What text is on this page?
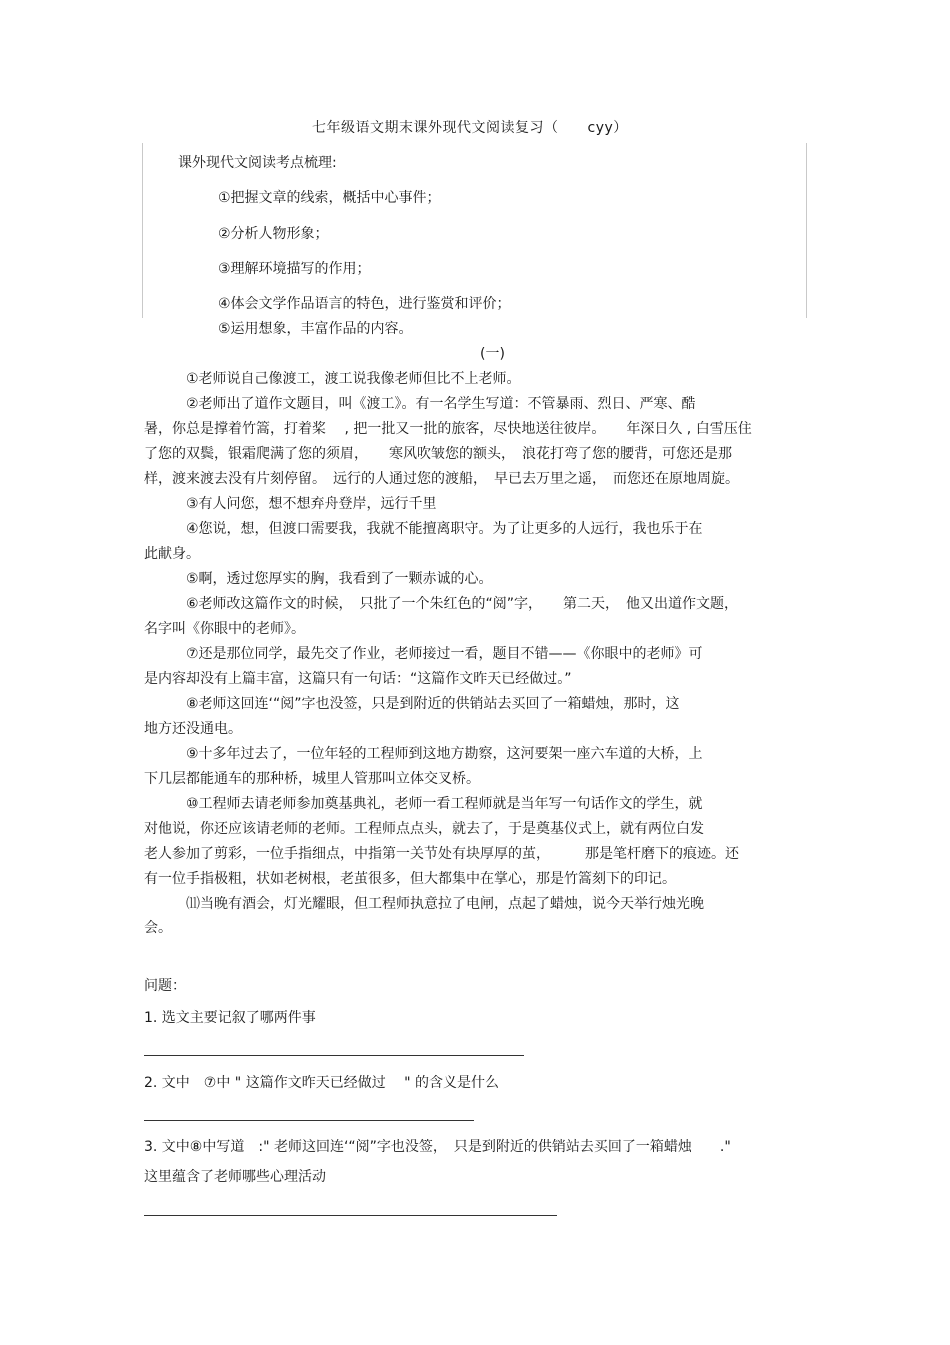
七年级语文期末课外现代文阅读复习（　　cyy）
课外现代文阅读考点梳理:
①把握文章的线索，概括中心事件；
②分析人物形象；
③理解环境描写的作用；
④体会文学作品语言的特色，进行鉴赏和评价；
⑤运用想象，丰富作品的内容。
(一)
①老师说自己像渡工，渡工说我像老师但比不上老师。
②老师出了道作文题目，叫《渡工》。有一名学生写道：不管暴雨、烈日、严寒、酷
暑，你总是撑着竹篙，打着桨　 , 把一批又一批的旅客，尽快地送往彼岸。　　年深日久 , 白雪压住
了您的双鬓，银霜爬满了您的须眉，　　寒风吹皱您的额头，　浪花打弯了您的腰背，可您还是那
样，渡来渡去没有片刻停留。　远行的人通过您的渡船，　早已去万里之遥，　而您还在原地周旋。
③有人问您，想不想弃舟登岸，远行千里
④您说，想，但渡口需要我，我就不能擅离职守。为了让更多的人远行，我也乐于在
此献身。
⑤啊，透过您厚实的胸，我看到了一颗赤诚的心。
⑥老师改这篇作文的时候，　只批了一个朱红色的“阅”字，　　第二天，　他又出道作文题，
名字叫《你眼中的老师》。
⑦还是那位同学，最先交了作业，老师接过一看，题目不错——《你眼中的老师》可
是内容却没有上篇丰富，这篇只有一句话：“这篇作文昨天已经做过。”
⑧老师这回连‘“阅”字也没签，只是到附近的供销站去买回了一箱蜡烛，那时，这
地方还没通电。
⑨十多年过去了，一位年轻的工程师到这地方勘察，这河要架一座六车道的大桥，上
下几层都能通车的那种桥，城里人管那叫立体交叉桥。
⑩工程师去请老师参加奠基典礼，老师一看工程师就是当年写一句话作文的学生，就
对他说，你还应该请老师的老师。工程师点点头，就去了，于是奠基仪式上，就有两位白发
老人参加了剪彩，一位手指细点，中指第一关节处有块厚厚的茧，　　　那是笔杆磨下的痕迹。还
有一位手指极粗，状如老树根，老茧很多，但大都集中在掌心，那是竹篙刻下的印记。
⑾当晚有酒会，灯光耀眼，但工程师执意拉了电闸，点起了蜡烛，说今天举行烛光晚
会。
问题：
1. 选文主要记叙了哪两件事
2. 文中　⑦中 " 这篇作文昨天已经做过　 " 的含义是什么
3. 文中⑧中写道　:" 老师这回连‘“阅”字也没签，　只是到附近的供销站去买回了一箱蜡烛　　."
这里蕴含了老师哪些心理活动
